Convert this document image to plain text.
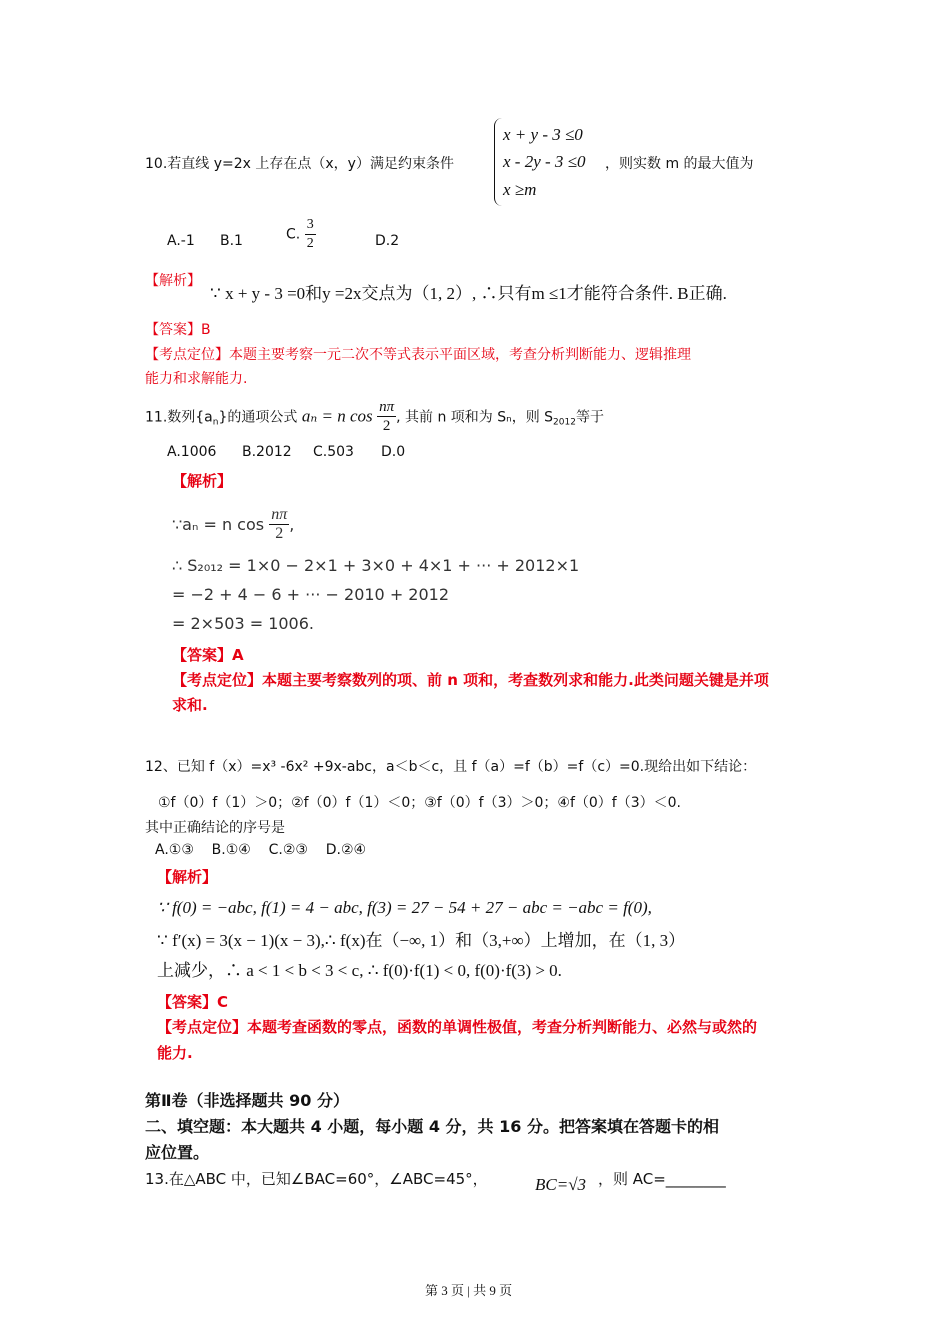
x + y - 3 ≤0
x - 2y - 3 ≤0
x ≥m
10.若直线 y=2x 上存在点（x，y）满足约束条件	，则实数 m 的最大值为
A.-1 B.1	C. $\frac{3}{2}$	D.2
【解析】
∵ x + y - 3 =0和y =2x交点为（1, 2）, ∴只有m ≤1才能符合条件. B正确.
【答案】B
【考点定位】本题主要考察一元二次不等式表示平面区域，考查分析判断能力、逻辑推理
能力和求解能力.
11.数列$\{a_n\}$的通项公式 aₙ = n $\cos \frac{n\pi}{2}$ , 其前 n 项和为 Sₙ，则 $S_{2012}$等于
A.1006 B.2012 C.503 D.0
【解析】
∵aₙ = n $\cos \frac{n\pi}{2}$ ,
∴ S₂₀₁₂ = 1×0 − 2×1 + 3×0 + 4×1 + ··· + 2012×1
= −2 + 4 − 6 + ··· − 2010 + 2012
= 2×503 = 1006.
【答案】A
【考点定位】本题主要考察数列的项、前 n 项和，考查数列求和能力.此类问题关键是并项
求和.
12、已知 f（x）=x³ -6x² +9x-abc，a＜b＜c，且 f（a）=f（b）=f（c）=0.现给出如下结论：
①f（0）f（1）＞0；②f（0）f（1）＜0；③f（0）f（3）＞0；④f（0）f（3）＜0.
其中正确结论的序号是
A.①③    B.①④    C.②③    D.②④
【解析】
∵ f(0) = −abc, f(1) = 4 − abc, f(3) = 27 − 54 + 27 − abc = −abc = f(0),
∵ f′(x) = 3(x − 1)(x − 3),∴ f(x)在（−∞, 1）和（3,+∞）上增加，在（1, 3）
上减少，∴ a < 1 < b < 3 < c, ∴ f(0)·f(1) < 0, f(0)·f(3) > 0.
【答案】C
【考点定位】本题考查函数的零点，函数的单调性极值，考查分析判断能力、必然与或然的
能力.
第Ⅱ卷（非选择题共 90 分）
二、填空题：本大题共 4 小题，每小题 4 分，共 16 分。把答案填在答题卡的相
应位置。
13.在△ABC 中，已知∠BAC=60°，∠ABC=45°，	BC=√3 ，则 AC=________
第 3 页 | 共 9 页
